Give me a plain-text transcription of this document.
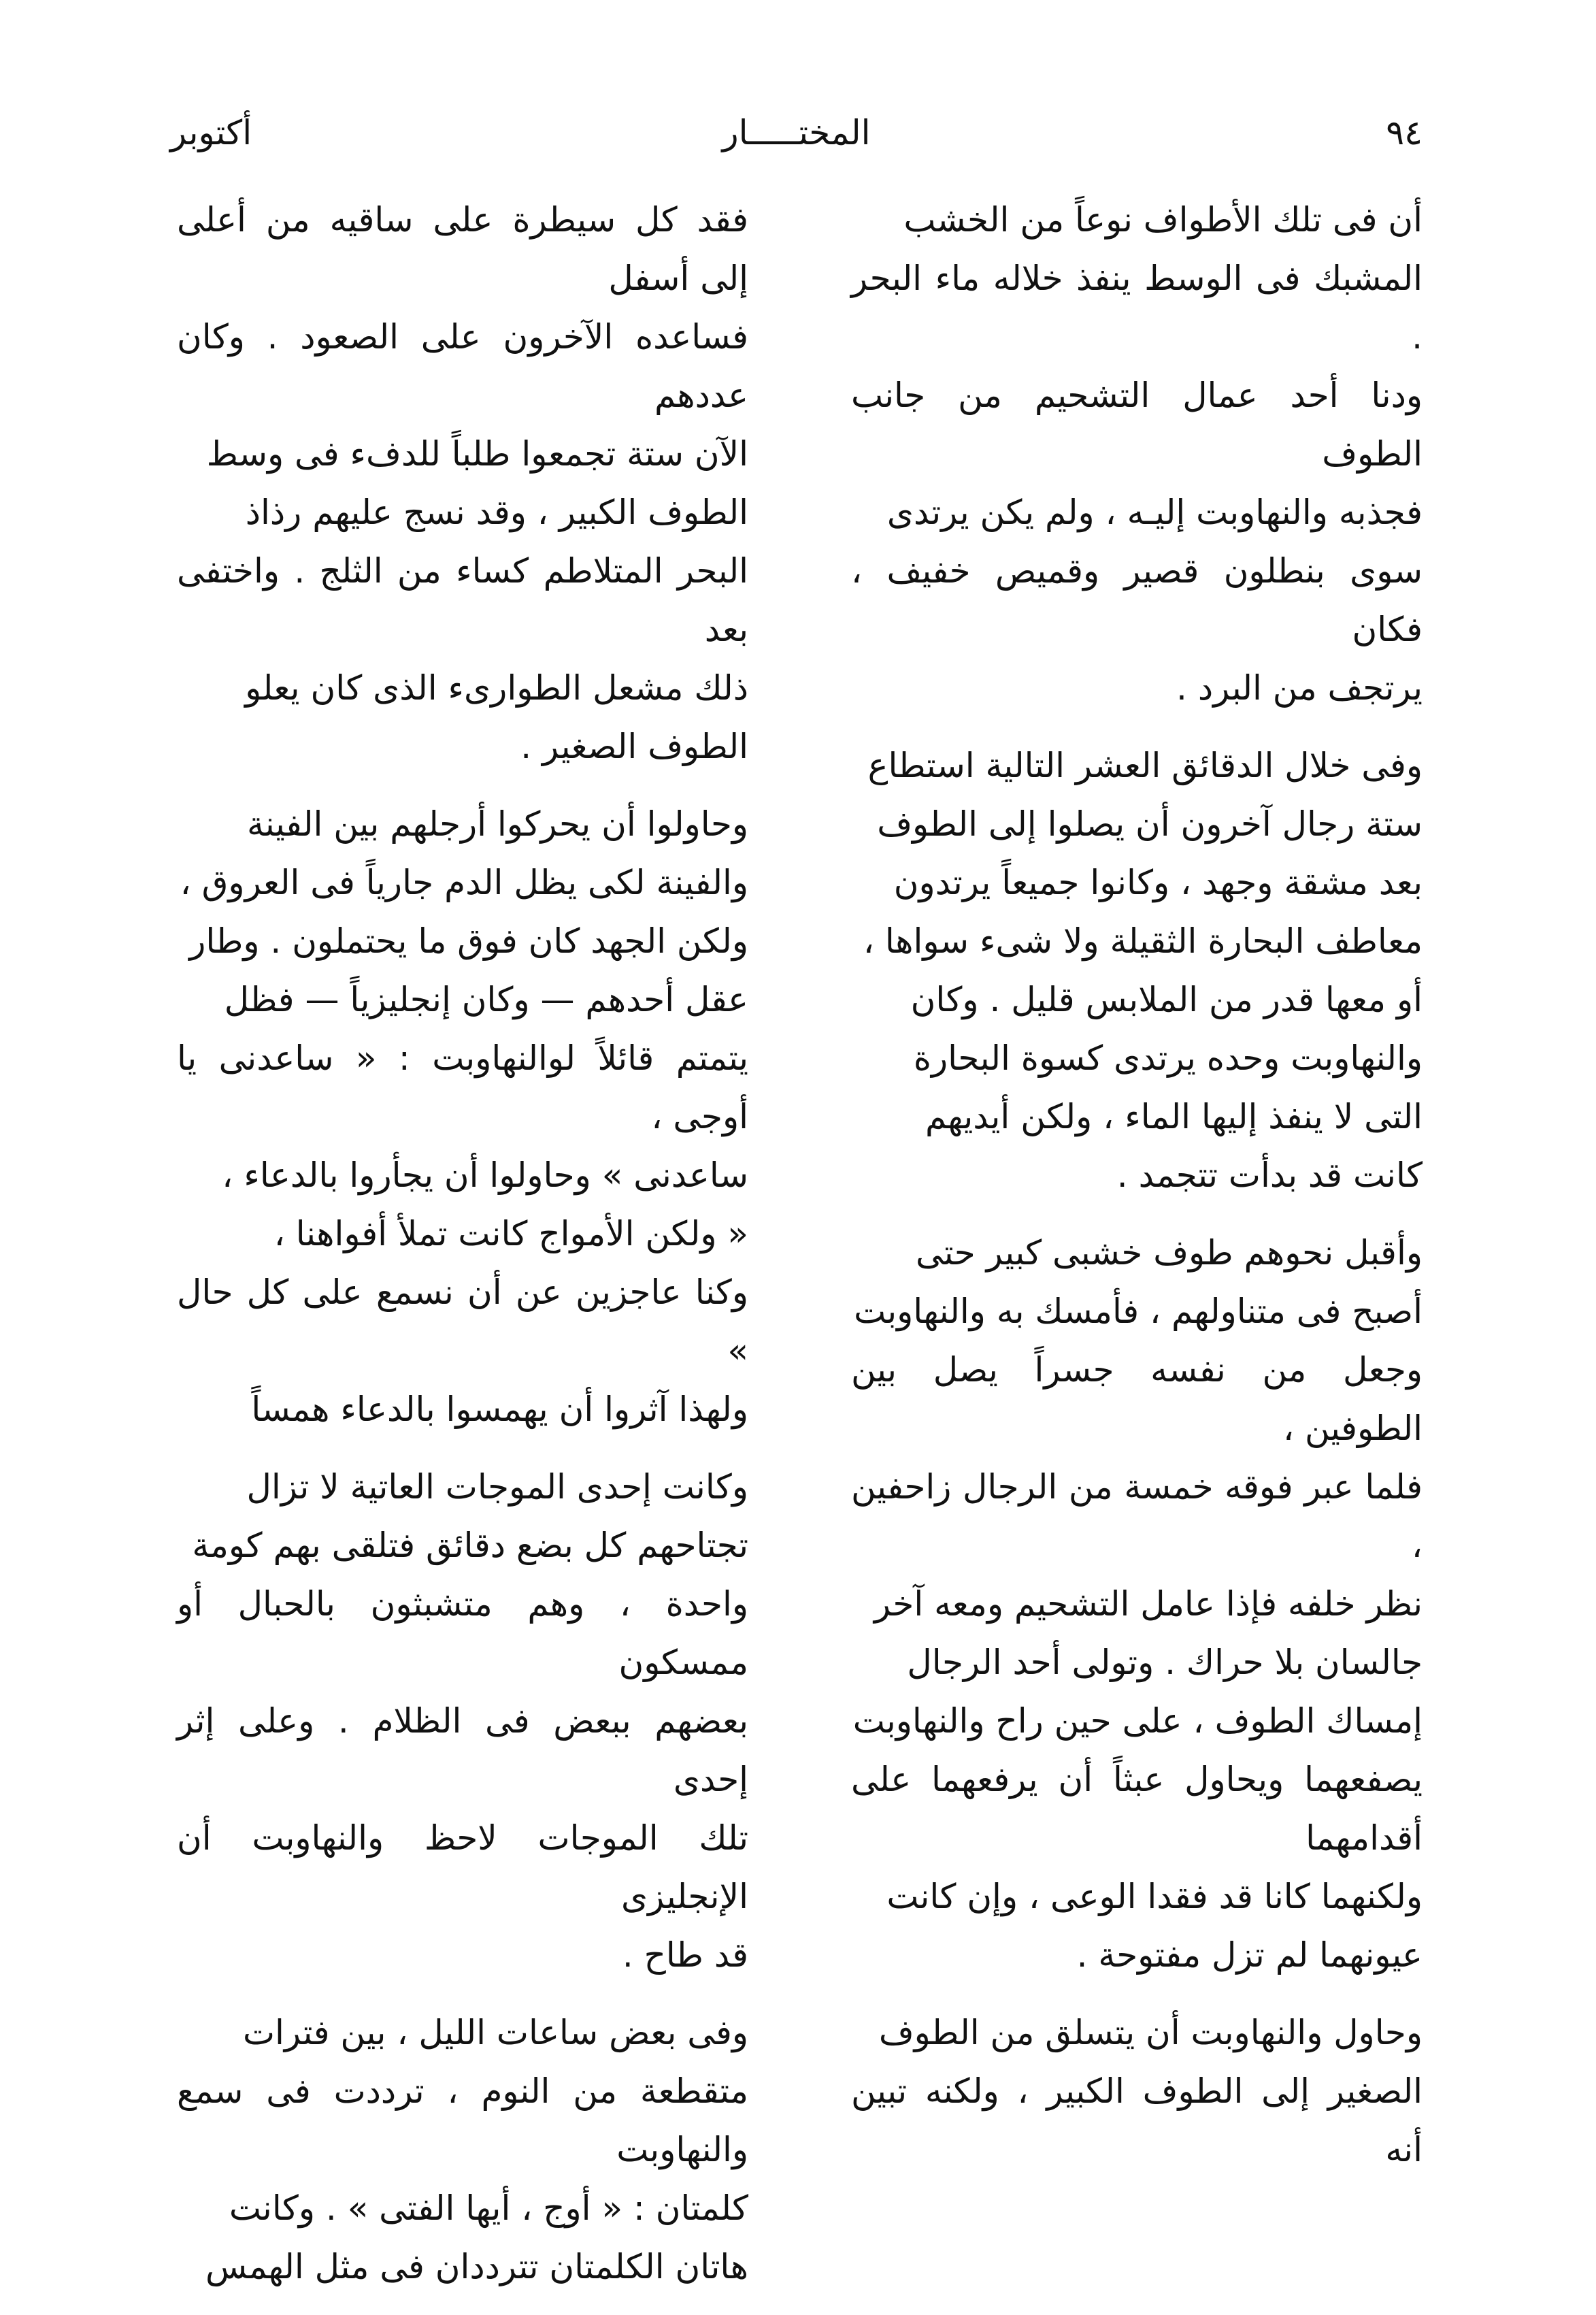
٩٤
المختـــــار
أكتوبر

أن فى تلك الأطواف نوعاً من الخشب
المشبك فى الوسط ينفذ خلاله ماء البحر .
ودنا أحد عمال التشحيم من جانب الطوف
فجذبه والنهاوبت إليـه ، ولم يكن يرتدى
سوى بنطلون قصير وقميص خفيف ، فكان
يرتجف من البرد .

وفى خلال الدقائق العشر التالية استطاع
ستة رجال آخرون أن يصلوا إلى الطوف
بعد مشقة وجهد ، وكانوا جميعاً يرتدون
معاطف البحارة الثقيلة ولا شىء سواها ،
أو معها قدر من الملابس قليل . وكان
والنهاوبت وحده يرتدى كسوة البحارة
التى لا ينفذ إليها الماء ، ولكن أيديهم
كانت قد بدأت تتجمد .

وأقبل نحوهم طوف خشبى كبير حتى
أصبح فى متناولهم ، فأمسك به والنهاوبت
وجعل من نفسه جسراً يصل بين الطوفين ،
فلما عبر فوقه خمسة من الرجال زاحفين ،
نظر خلفه فإذا عامل التشحيم ومعه آخر
جالسان بلا حراك . وتولى أحد الرجال
إمساك الطوف ، على حين راح والنهاوبت
يصفعهما ويحاول عبثاً أن يرفعهما على أقدامهما
ولكنهما كانا قد فقدا الوعى ، وإن كانت
عيونهما لم تزل مفتوحة .

وحاول والنهاوبت أن يتسلق من الطوف
الصغير إلى الطوف الكبير ، ولكنه تبين أنه

فقد كل سيطرة على ساقيه من أعلى إلى أسفل
فساعده الآخرون على الصعود . وكان عددهم
الآن ستة تجمعوا طلباً للدفء فى وسط
الطوف الكبير ، وقد نسج عليهم رذاذ
البحر المتلاطم كساء من الثلج . واختفى بعد
ذلك مشعل الطوارىء الذى كان يعلو
الطوف الصغير .

وحاولوا أن يحركوا أرجلهم بين الفينة
والفينة لكى يظل الدم جارياً فى العروق ،
ولكن الجهد كان فوق ما يحتملون . وطار
عقل أحدهم — وكان إنجليزياً — فظل
يتمتم قائلاً لوالنهاوبت : « ساعدنى يا أوجى ،
ساعدنى » وحاولوا أن يجأروا بالدعاء ،
« ولكن الأمواج كانت تملأ أفواهنا ،
وكنا عاجزين عن أن نسمع على كل حال »
ولهذا آثروا أن يهمسوا بالدعاء همساً

وكانت إحدى الموجات العاتية لا تزال
تجتاحهم كل بضع دقائق فتلقى بهم كومة
واحدة ، وهم متشبثون بالحبال أو ممسكون
بعضهم ببعض فى الظلام . وعلى إثر إحدى
تلك الموجات لاحظ والنهاوبت أن الإنجليزى
قد طاح .

وفى بعض ساعات الليل ، بين فترات
متقطعة من النوم ، ترددت فى سمع والنهاوبت
كلمتان : « أوج ، أيها الفتى » . وكانت
هاتان الكلمتان تترددان فى مثل الهمس
